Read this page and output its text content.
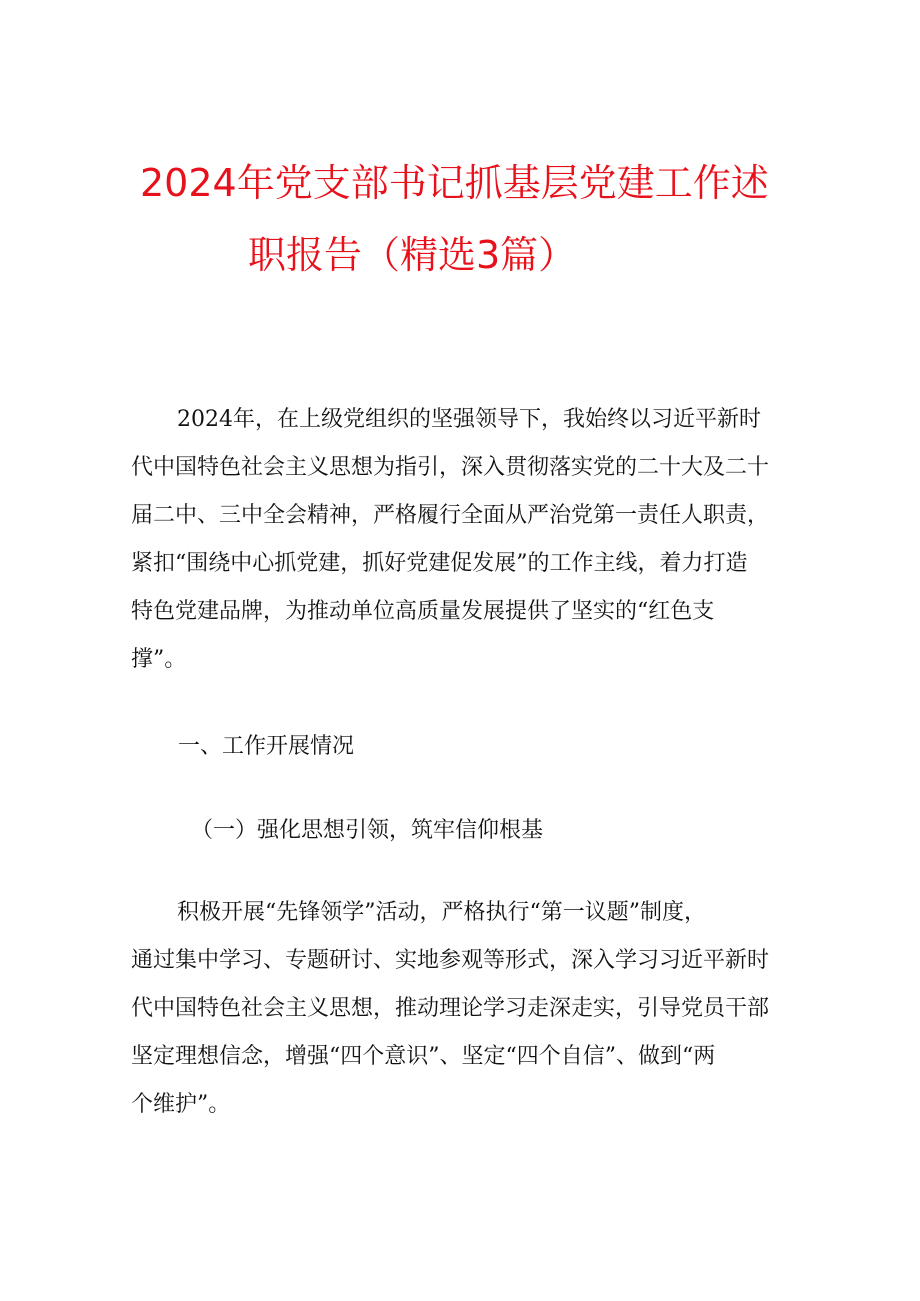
2024年党支部书记抓基层党建工作述
职报告（精选3篇）
2024年，在上级党组织的坚强领导下，我始终以习近平新时
代中国特色社会主义思想为指引，深入贯彻落实党的二十大及二十
届二中、三中全会精神，严格履行全面从严治党第一责任人职责，
紧扣“围绕中心抓党建，抓好党建促发展”的工作主线，着力打造
特色党建品牌，为推动单位高质量发展提供了坚实的“红色支
撑”。
一、工作开展情况
（一）强化思想引领，筑牢信仰根基
积极开展“先锋领学”活动，严格执行“第一议题”制度，
通过集中学习、专题研讨、实地参观等形式，深入学习习近平新时
代中国特色社会主义思想，推动理论学习走深走实，引导党员干部
坚定理想信念，增强“四个意识”、坚定“四个自信”、做到“两
个维护”。
